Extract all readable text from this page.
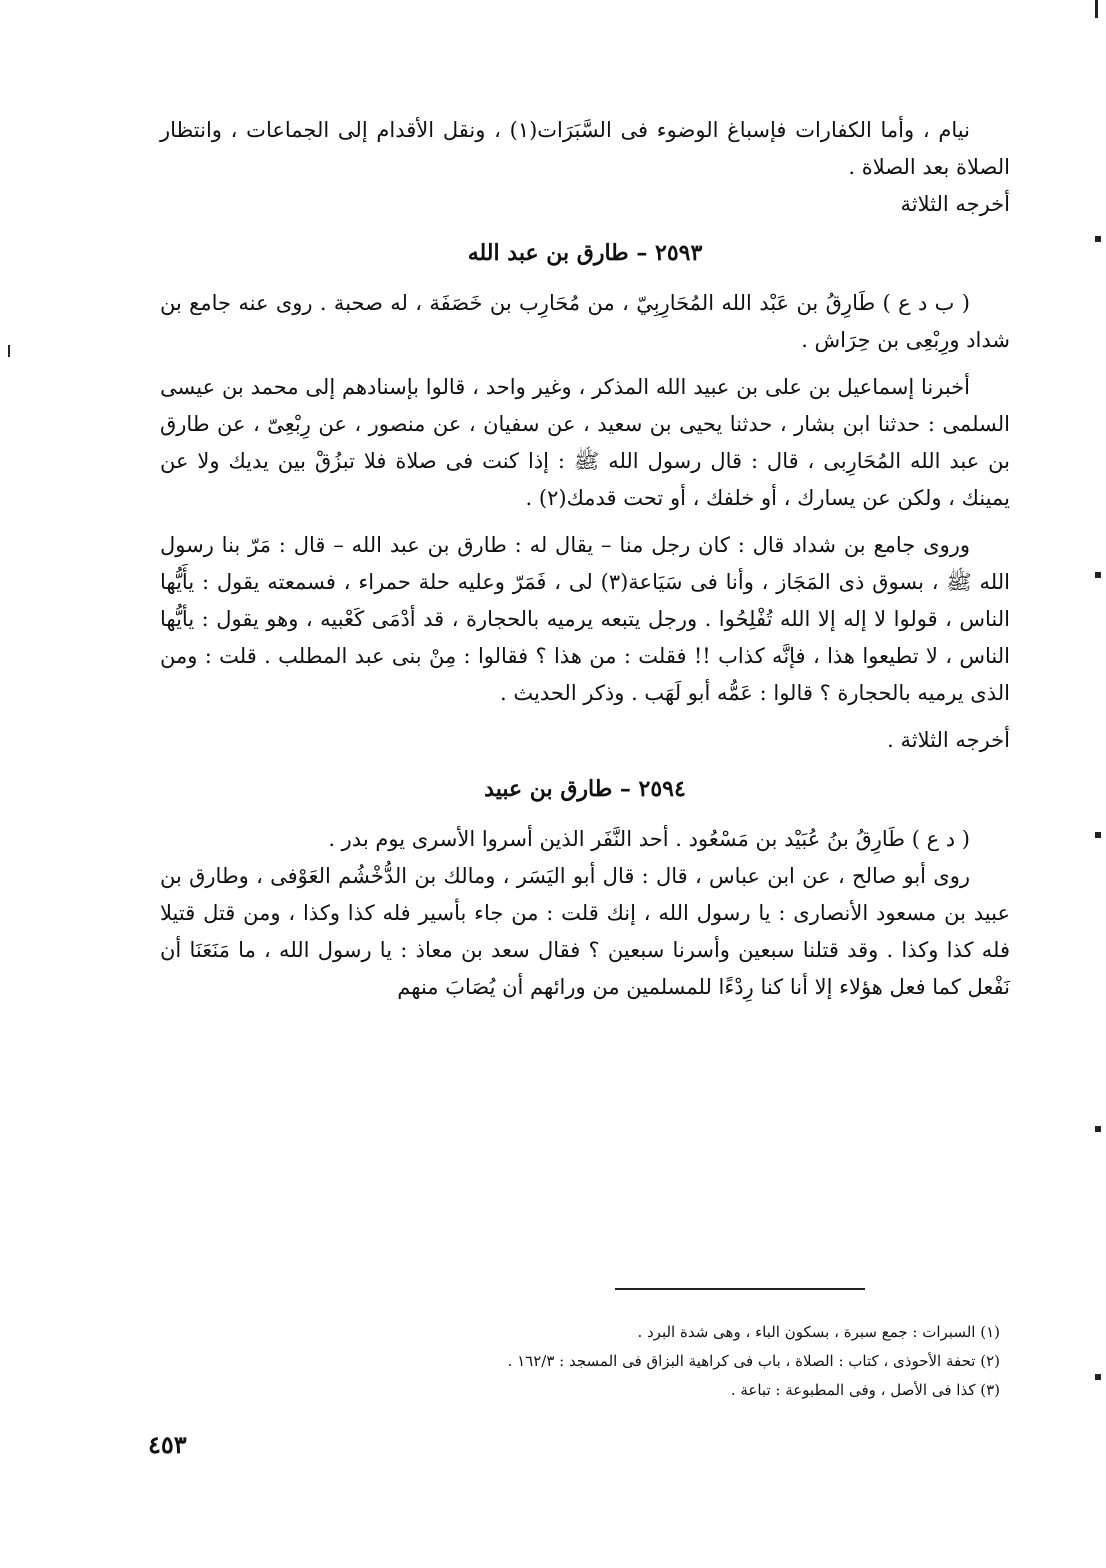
نيام ، وأما الكفارات فإسباغ الوضوء فى السَّبَرَات(١) ، ونقل الأقدام إلى الجماعات ، وانتظار الصلاة بعد الصلاة .

أخرجه الثلاثة

٢٥٩٣ – طارق بن عبد الله

( ب د ع ) طَارِقُ بن عَبْد الله المُحَارِبِيّ ، من مُحَارِب بن خَصَفَة ، له صحبة . روى عنه جامع بن شداد ورِبْعِى بن حِرَاش .

أخبرنا إسماعيل بن على بن عبيد الله المذكر ، وغير واحد ، قالوا بإسنادهم إلى محمد بن عيسى السلمى : حدثنا ابن بشار ، حدثنا يحيى بن سعيد ، عن سفيان ، عن منصور ، عن رِبْعِىّ ، عن طارق بن عبد الله المُحَارِبى ، قال : قال رسول الله ﷺ : إذا كنت فى صلاة فلا تبزُقْ بين يديك ولا عن يمينك ، ولكن عن يسارك ، أو خلفك ، أو تحت قدمك(٢) .

وروى جامع بن شداد قال : كان رجل منا – يقال له : طارق بن عبد الله – قال : مَرّ بنا رسول الله ﷺ ، بسوق ذى المَجَاز ، وأنا فى سَيَاعة(٣) لى ، فَمَرّ وعليه حلة حمراء ، فسمعته يقول : يأَيُّها الناس ، قولوا لا إله إلا الله تُفْلِحُوا . ورجل يتبعه يرميه بالحجارة ، قد أدْمَى كَعْبيه ، وهو يقول : يأيُّها الناس ، لا تطيعوا هذا ، فإنَّه كذاب !! فقلت : من هذا ؟ فقالوا : مِنْ بنى عبد المطلب . قلت : ومن الذى يرميه بالحجارة ؟ قالوا : عَمُّه أبو لَهَب . وذكر الحديث .

أخرجه الثلاثة .

٢٥٩٤ – طارق بن عبيد

( د ع ) طَارِقُ بنُ عُبَيْد بن مَسْعُود . أحد النَّفَر الذين أسروا الأسرى يوم بدر .

روى أبو صالح ، عن ابن عباس ، قال : قال أبو اليَسَر ، ومالك بن الدُّخْشُم العَوْفى ، وطارق بن عبيد بن مسعود الأنصارى : يا رسول الله ، إنك قلت : من جاء بأسير فله كذا وكذا ، ومن قتل قتيلا فله كذا وكذا . وقد قتلنا سبعين وأسرنا سبعين ؟ فقال سعد بن معاذ : يا رسول الله ، ما مَنَعَنَا أن نَفْعل كما فعل هؤلاء إلا أنا كنا رِدْءًا للمسلمين من ورائهم أن يُصَابَ منهم

(١) السبرات : جمع سبرة ، بسكون الباء ، وهى شدة البرد .

(٢) تحفة الأحوذى ، كتاب : الصلاة ، باب فى كراهية البزاق فى المسجد : ١٦٢/٣ .

(٣) كذا فى الأصل ، وفى المطبوعة : تباعة .

٤٥٣
